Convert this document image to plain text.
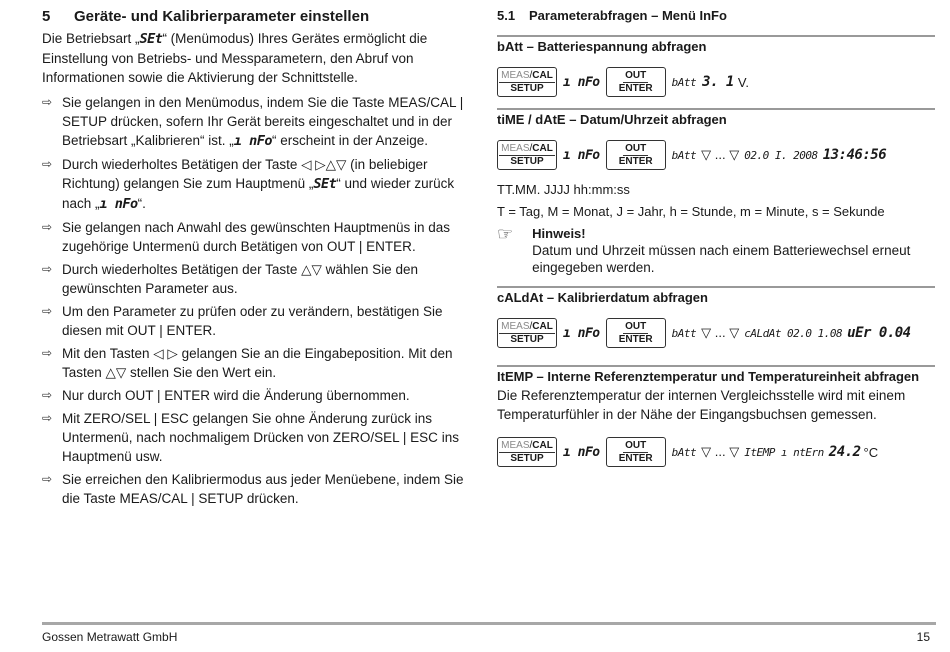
5	Geräte- und Kalibrierparameter einstellen

Die Betriebsart „SEt“ (Menümodus) Ihres Gerätes ermöglicht die Einstellung von Betriebs- und Messparametern, den Abruf von Informationen sowie die Aktivierung der Schnittstelle.

⇨ Sie gelangen in den Menümodus, indem Sie die Taste MEAS/CAL | SETUP drücken, sofern Ihr Gerät bereits eingeschaltet und in der Betriebsart „Kalibrieren“ ist. „ı nFo“ erscheint in der Anzeige.
⇨ Durch wiederholtes Betätigen der Taste ◁ ▷△▽ (in beliebiger Richtung) gelangen Sie zum Hauptmenü „SEt“ und wieder zurück nach „ı nFo“.
⇨ Sie gelangen nach Anwahl des gewünschten Hauptmenüs in das zugehörige Untermenü durch Betätigen von OUT | ENTER.
⇨ Durch wiederholtes Betätigen der Taste △▽ wählen Sie den gewünschten Parameter aus.
⇨ Um den Parameter zu prüfen oder zu verändern, bestätigen Sie diesen mit OUT | ENTER.
⇨ Mit den Tasten ◁ ▷ gelangen Sie an die Eingabeposition. Mit den Tasten △▽ stellen Sie den Wert ein.
⇨ Nur durch OUT | ENTER wird die Änderung übernommen.
⇨ Mit ZERO/SEL | ESC gelangen Sie ohne Änderung zurück ins Untermenü, nach nochmaligem Drücken von ZERO/SEL | ESC ins Hauptmenü usw.
⇨ Sie erreichen den Kalibriermodus aus jeder Menüebene, indem Sie die Taste MEAS/CAL | SETUP drücken.
5.1	Parameterabfragen – Menü InFo
bAtt – Batteriespannung abfragen
MEAS/CAL
SETUP ı nFo	OUT
ENTER bAtt 3. 1 V.
tiME / dAtE – Datum/Uhrzeit abfragen
MEAS/CAL
SETUP ı nFo	OUT
ENTER bAtt ▽ ... ▽ 02.0 I. 2008 13:46:56

TT.MM. JJJJ hh:mm:ss

T = Tag, M = Monat, J = Jahr, h = Stunde, m = Minute, s = Sekunde

☞	Hinweis!
Datum und Uhrzeit müssen nach einem Batteriewechsel erneut eingegeben werden.
cALdAt – Kalibrierdatum abfragen
MEAS/CAL
SETUP ı nFo	OUT
ENTER bAtt ▽ ... ▽ cALdAt 02.0 1.08 uEr 0.04
ItEMP – Interne Referenztemperatur und Temperatureinheit abfragen

Die Referenztemperatur der internen Vergleichsstelle wird mit einem Temperaturfühler in der Nähe der Eingangsbuchsen gemessen.

MEAS/CAL
SETUP ı nFo	OUT
ENTER bAtt ▽ ... ▽ ItEMP ı ntErn 24.2 °C
Gossen Metrawatt GmbH	15
